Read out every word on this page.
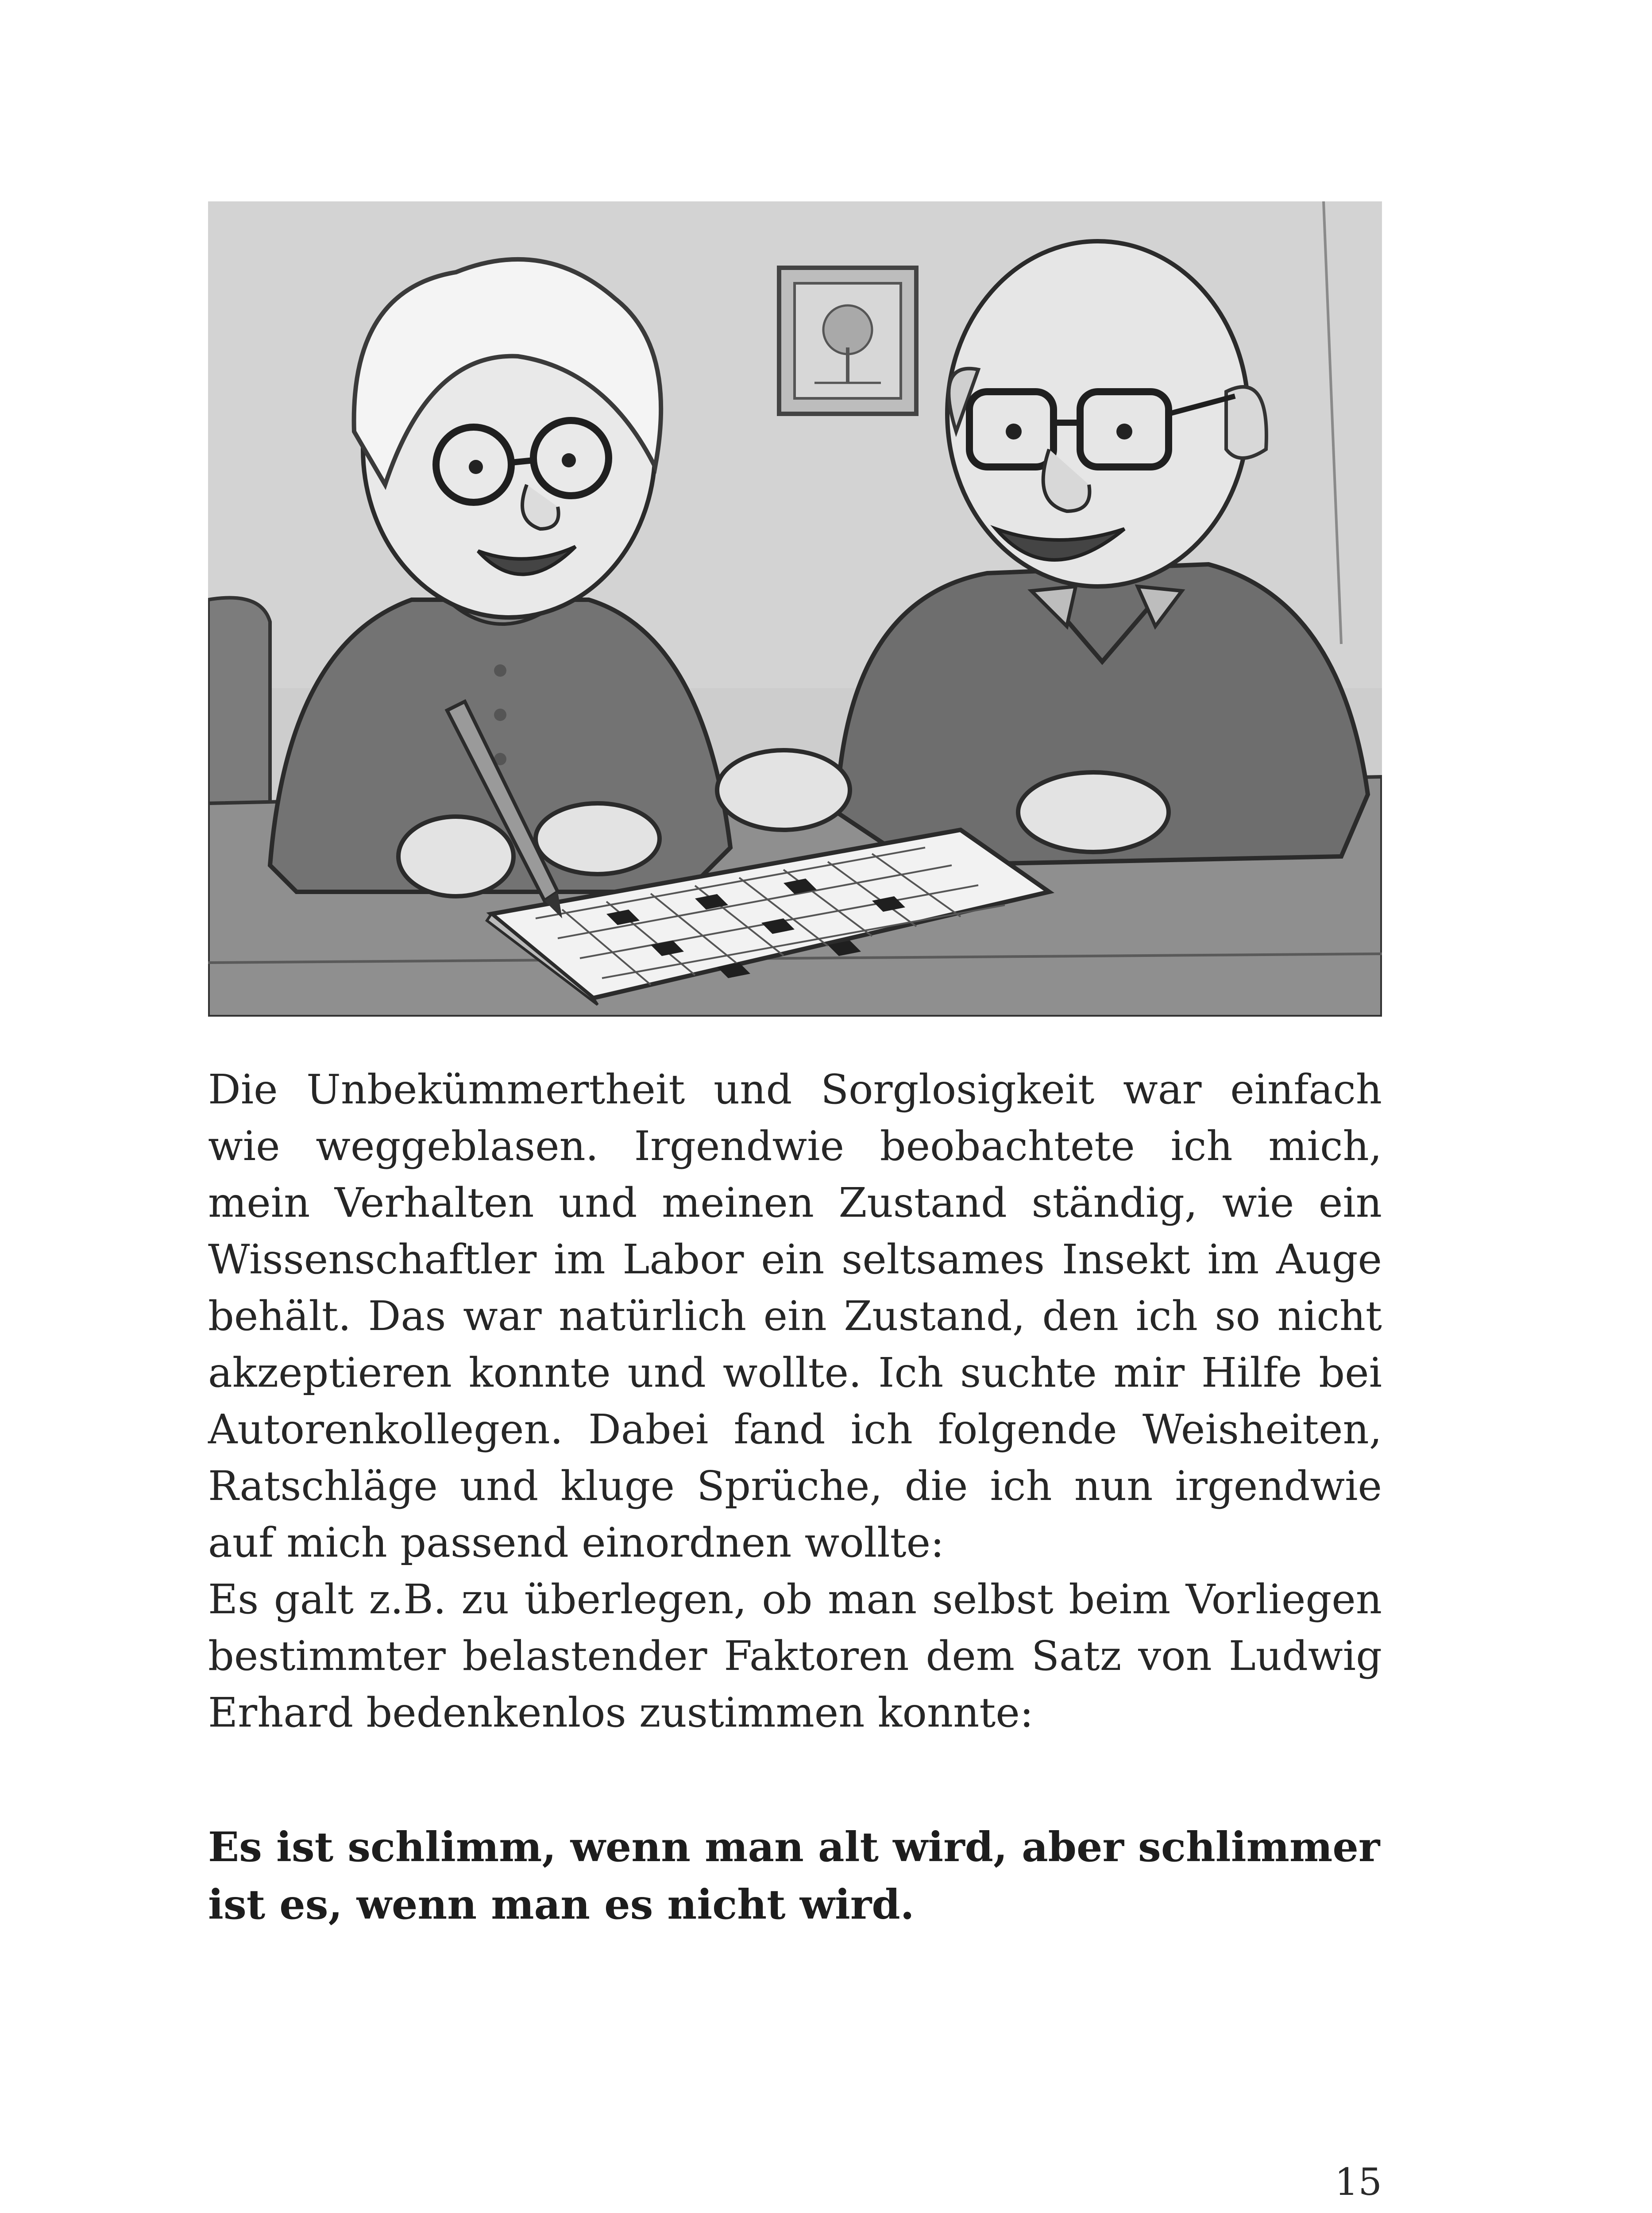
Die Unbekümmertheit und Sorglosigkeit war einfach wie weggeblasen. Irgendwie beobachtete ich mich, mein Verhalten und meinen Zustand ständig, wie ein Wissenschaftler im Labor ein seltsames Insekt im Auge behält. Das war natürlich ein Zustand, den ich so nicht akzeptieren konnte und wollte. Ich suchte mir Hilfe bei Autorenkollegen. Dabei fand ich folgende Weisheiten, Ratschläge und kluge Sprüche, die ich nun irgendwie auf mich passend einordnen wollte:

Es galt z.B. zu überlegen, ob man selbst beim Vorliegen bestimmter belastender Faktoren dem Satz von Ludwig Erhard bedenkenlos zustimmen konnte:

Es ist schlimm, wenn man alt wird, aber schlimmer ist es, wenn man es nicht wird.

15
